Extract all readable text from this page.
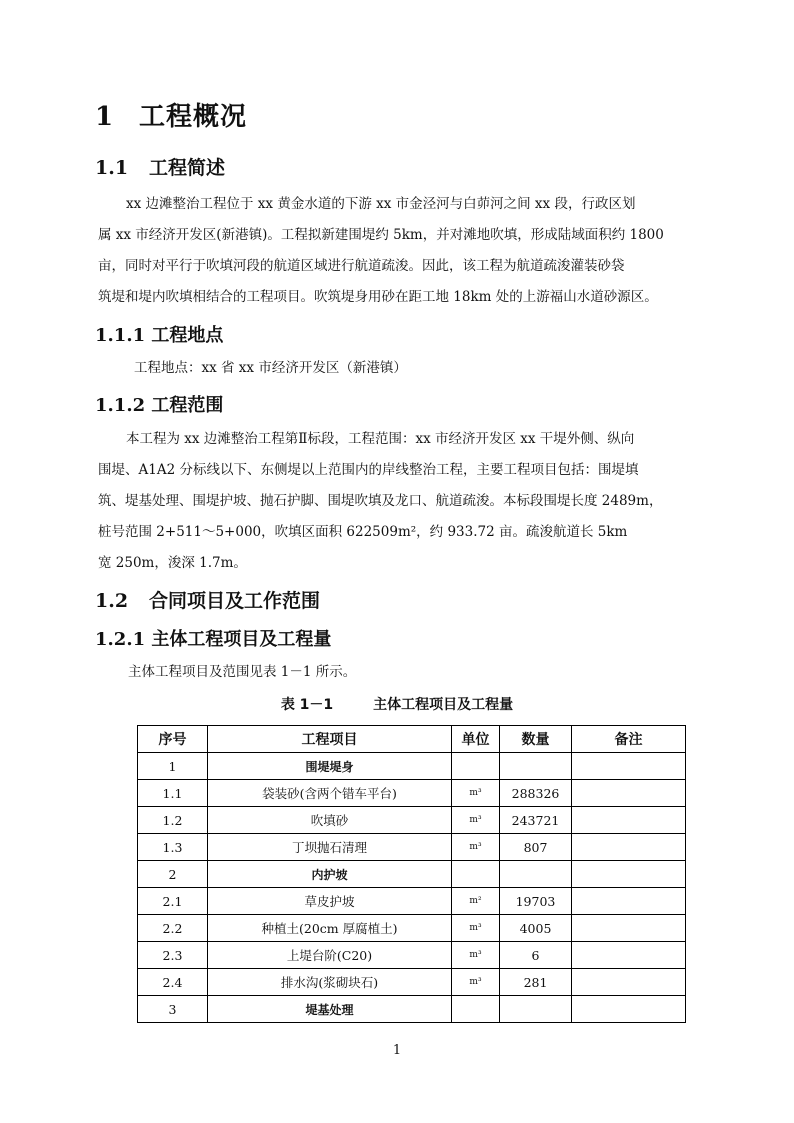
1 工程概况
1.1 工程简述
xx 边滩整治工程位于 xx 黄金水道的下游 xx 市金泾河与白茆河之间 xx 段，行政区划
属 xx 市经济开发区(新港镇)。工程拟新建围堤约 5km，并对滩地吹填，形成陆域面积约 1800
亩，同时对平行于吹填河段的航道区域进行航道疏浚。因此，该工程为航道疏浚灌装砂袋
筑堤和堤内吹填相结合的工程项目。吹筑堤身用砂在距工地 18km 处的上游福山水道砂源区。
1.1.1 工程地点
工程地点：xx 省 xx 市经济开发区（新港镇）
1.1.2 工程范围
本工程为 xx 边滩整治工程第Ⅱ标段，工程范围：xx 市经济开发区 xx 干堤外侧、纵向
围堤、A1A2 分标线以下、东侧堤以上范围内的岸线整治工程，主要工程项目包括：围堤填
筑、堤基处理、围堤护坡、抛石护脚、围堤吹填及龙口、航道疏浚。本标段围堤长度 2489m，
桩号范围 2+511～5+000，吹填区面积 622509m²，约 933.72 亩。疏浚航道长 5km
宽 250m，浚深 1.7m。
1.2 合同项目及工作范围
1.2.1 主体工程项目及工程量
主体工程项目及范围见表 1－1 所示。
表 1－1	主体工程项目及工程量
序号	工程项目	单位	数量	备注
1	围堤堤身			
1.1	袋装砂(含两个错车平台)	m³	288326	
1.2	吹填砂	m³	243721	
1.3	丁坝抛石清理	m³	807	
2	内护坡			
2.1	草皮护坡	m²	19703	
2.2	种植土(20cm 厚腐植土)	m³	4005	
2.3	上堤台阶(C20)	m³	6	
2.4	排水沟(浆砌块石)	m³	281	
3	堤基处理			
1
